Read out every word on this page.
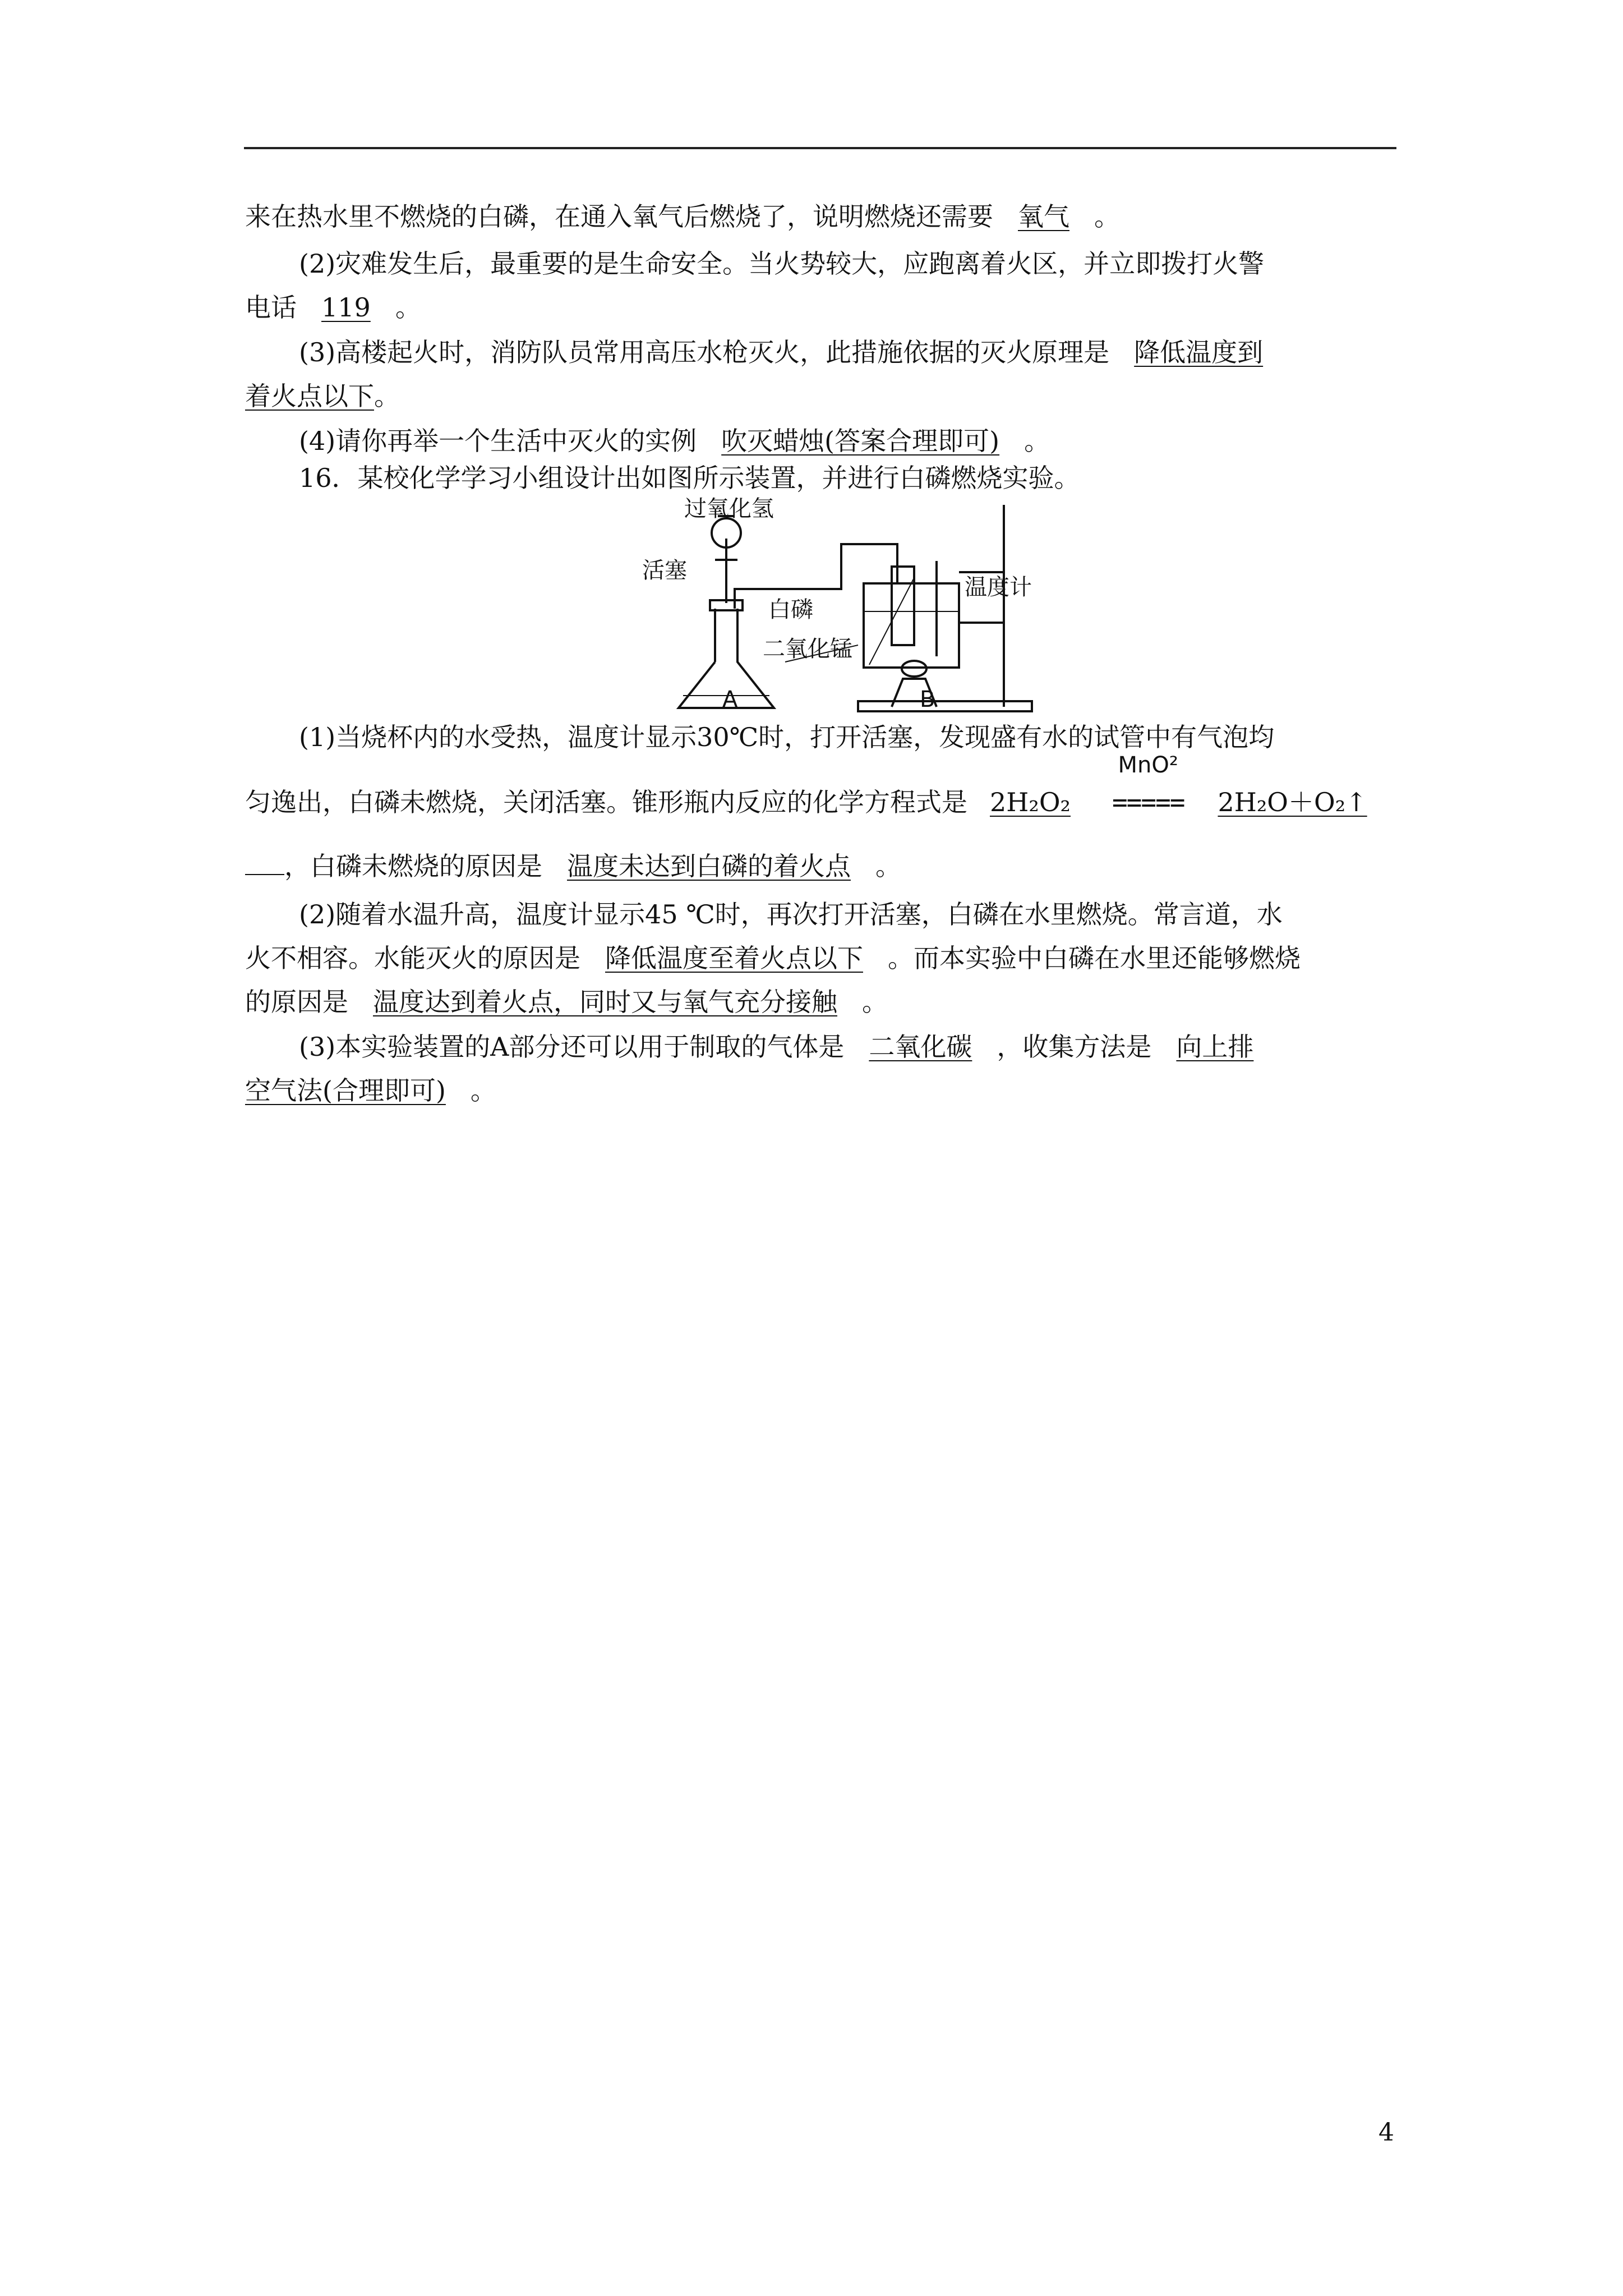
来在热水里不燃烧的白磷，在通入氧气后燃烧了，说明燃烧还需要 氧气 。
(2)灾难发生后，最重要的是生命安全。当火势较大，应跑离着火区，并立即拨打火警
电话 119 。
(3)高楼起火时，消防队员常用高压水枪灭火，此措施依据的灭火原理是 降低温度到
着火点以下。
(4)请你再举一个生活中灭火的实例 吹灭蜡烛(答案合理即可) 。
16．某校化学学习小组设计出如图所示装置，并进行白磷燃烧实验。
过氧化氢
活塞
白磷
二氧化锰
温度计
A	B
(1)当烧杯内的水受热，温度计显示30℃时，打开活塞，发现盛有水的试管中有气泡均
匀逸出，白磷未燃烧，关闭活塞。锥形瓶内反应的化学方程式是 2H₂O₂
MnO²
===== 2H₂O＋O₂↑
，白磷未燃烧的原因是 温度未达到白磷的着火点 。
(2)随着水温升高，温度计显示45 ℃时，再次打开活塞，白磷在水里燃烧。常言道，水
火不相容。水能灭火的原因是 降低温度至着火点以下 。而本实验中白磷在水里还能够燃烧
的原因是 温度达到着火点，同时又与氧气充分接触 。
(3)本实验装置的A部分还可以用于制取的气体是 二氧化碳 ，收集方法是 向上排
空气法(合理即可) 。
4
